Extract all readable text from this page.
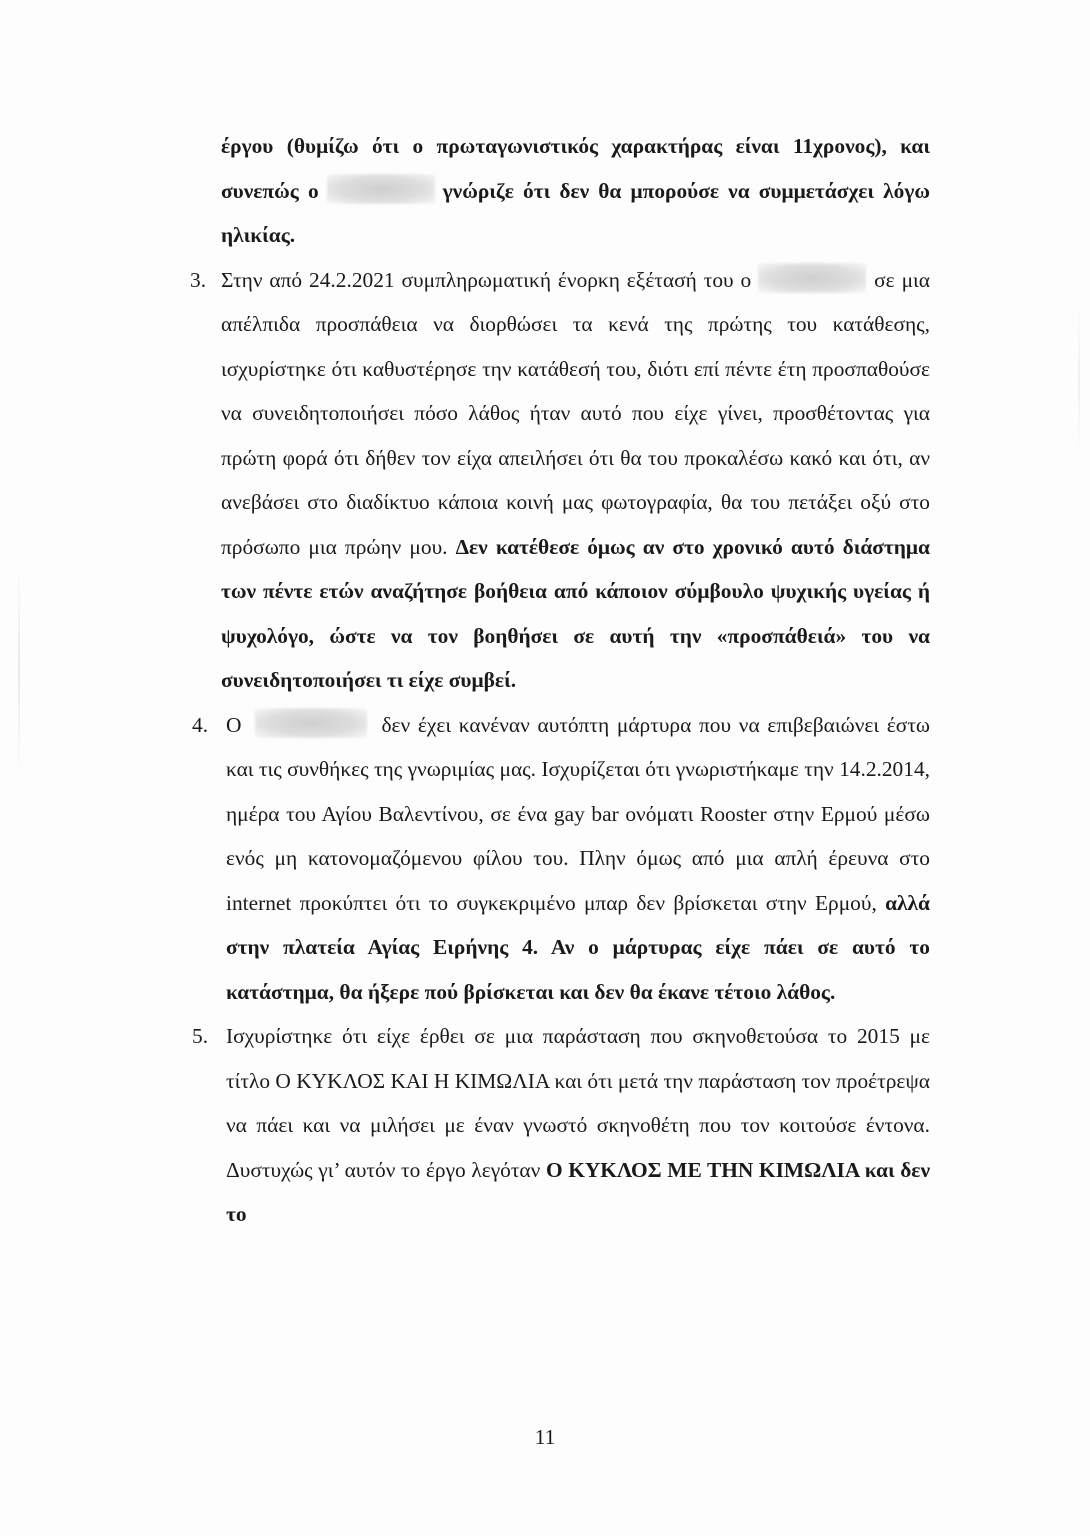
έργου (θυμίζω ότι ο πρωταγωνιστικός χαρακτήρας είναι 11χρονος), και συνεπώς ο	γνώριζε ότι δεν θα μπορούσε να συμμετάσχει λόγω ηλικίας.
3. Στην από 24.2.2021 συμπληρωματική ένορκη εξέτασή του ο	σε μια απέλπιδα προσπάθεια να διορθώσει τα κενά της πρώτης του κατάθεσης, ισχυρίστηκε ότι καθυστέρησε την κατάθεσή του, διότι επί πέντε έτη προσπαθούσε να συνειδητοποιήσει πόσο λάθος ήταν αυτό που είχε γίνει, προσθέτοντας για πρώτη φορά ότι δήθεν τον είχα απειλήσει ότι θα του προκαλέσω κακό και ότι, αν ανεβάσει στο διαδίκτυο κάποια κοινή μας φωτογραφία, θα του πετάξει οξύ στο πρόσωπο μια πρώην μου. Δεν κατέθεσε όμως αν στο χρονικό αυτό διάστημα των πέντε ετών αναζήτησε βοήθεια από κάποιον σύμβουλο ψυχικής υγείας ή ψυχολόγο, ώστε να τον βοηθήσει σε αυτή την «προσπάθειά» του να συνειδητοποιήσει τι είχε συμβεί.
4. Ο	δεν έχει κανέναν αυτόπτη μάρτυρα που να επιβεβαιώνει έστω και τις συνθήκες της γνωριμίας μας. Ισχυρίζεται ότι γνωριστήκαμε την 14.2.2014, ημέρα του Αγίου Βαλεντίνου, σε ένα gay bar ονόματι Rooster στην Ερμού μέσω ενός μη κατονομαζόμενου φίλου του. Πλην όμως από μια απλή έρευνα στο internet προκύπτει ότι το συγκεκριμένο μπαρ δεν βρίσκεται στην Ερμού, αλλά στην πλατεία Αγίας Ειρήνης 4. Αν ο μάρτυρας είχε πάει σε αυτό το κατάστημα, θα ήξερε πού βρίσκεται και δεν θα έκανε τέτοιο λάθος.
5. Ισχυρίστηκε ότι είχε έρθει σε μια παράσταση που σκηνοθετούσα το 2015 με τίτλο Ο ΚΥΚΛΟΣ ΚΑΙ Η ΚΙΜΩΛΙΑ και ότι μετά την παράσταση τον προέτρεψα να πάει και να μιλήσει με έναν γνωστό σκηνοθέτη που τον κοιτούσε έντονα. Δυστυχώς γι’ αυτόν το έργο λεγόταν Ο ΚΥΚΛΟΣ ΜΕ ΤΗΝ ΚΙΜΩΛΙΑ και δεν το
11
